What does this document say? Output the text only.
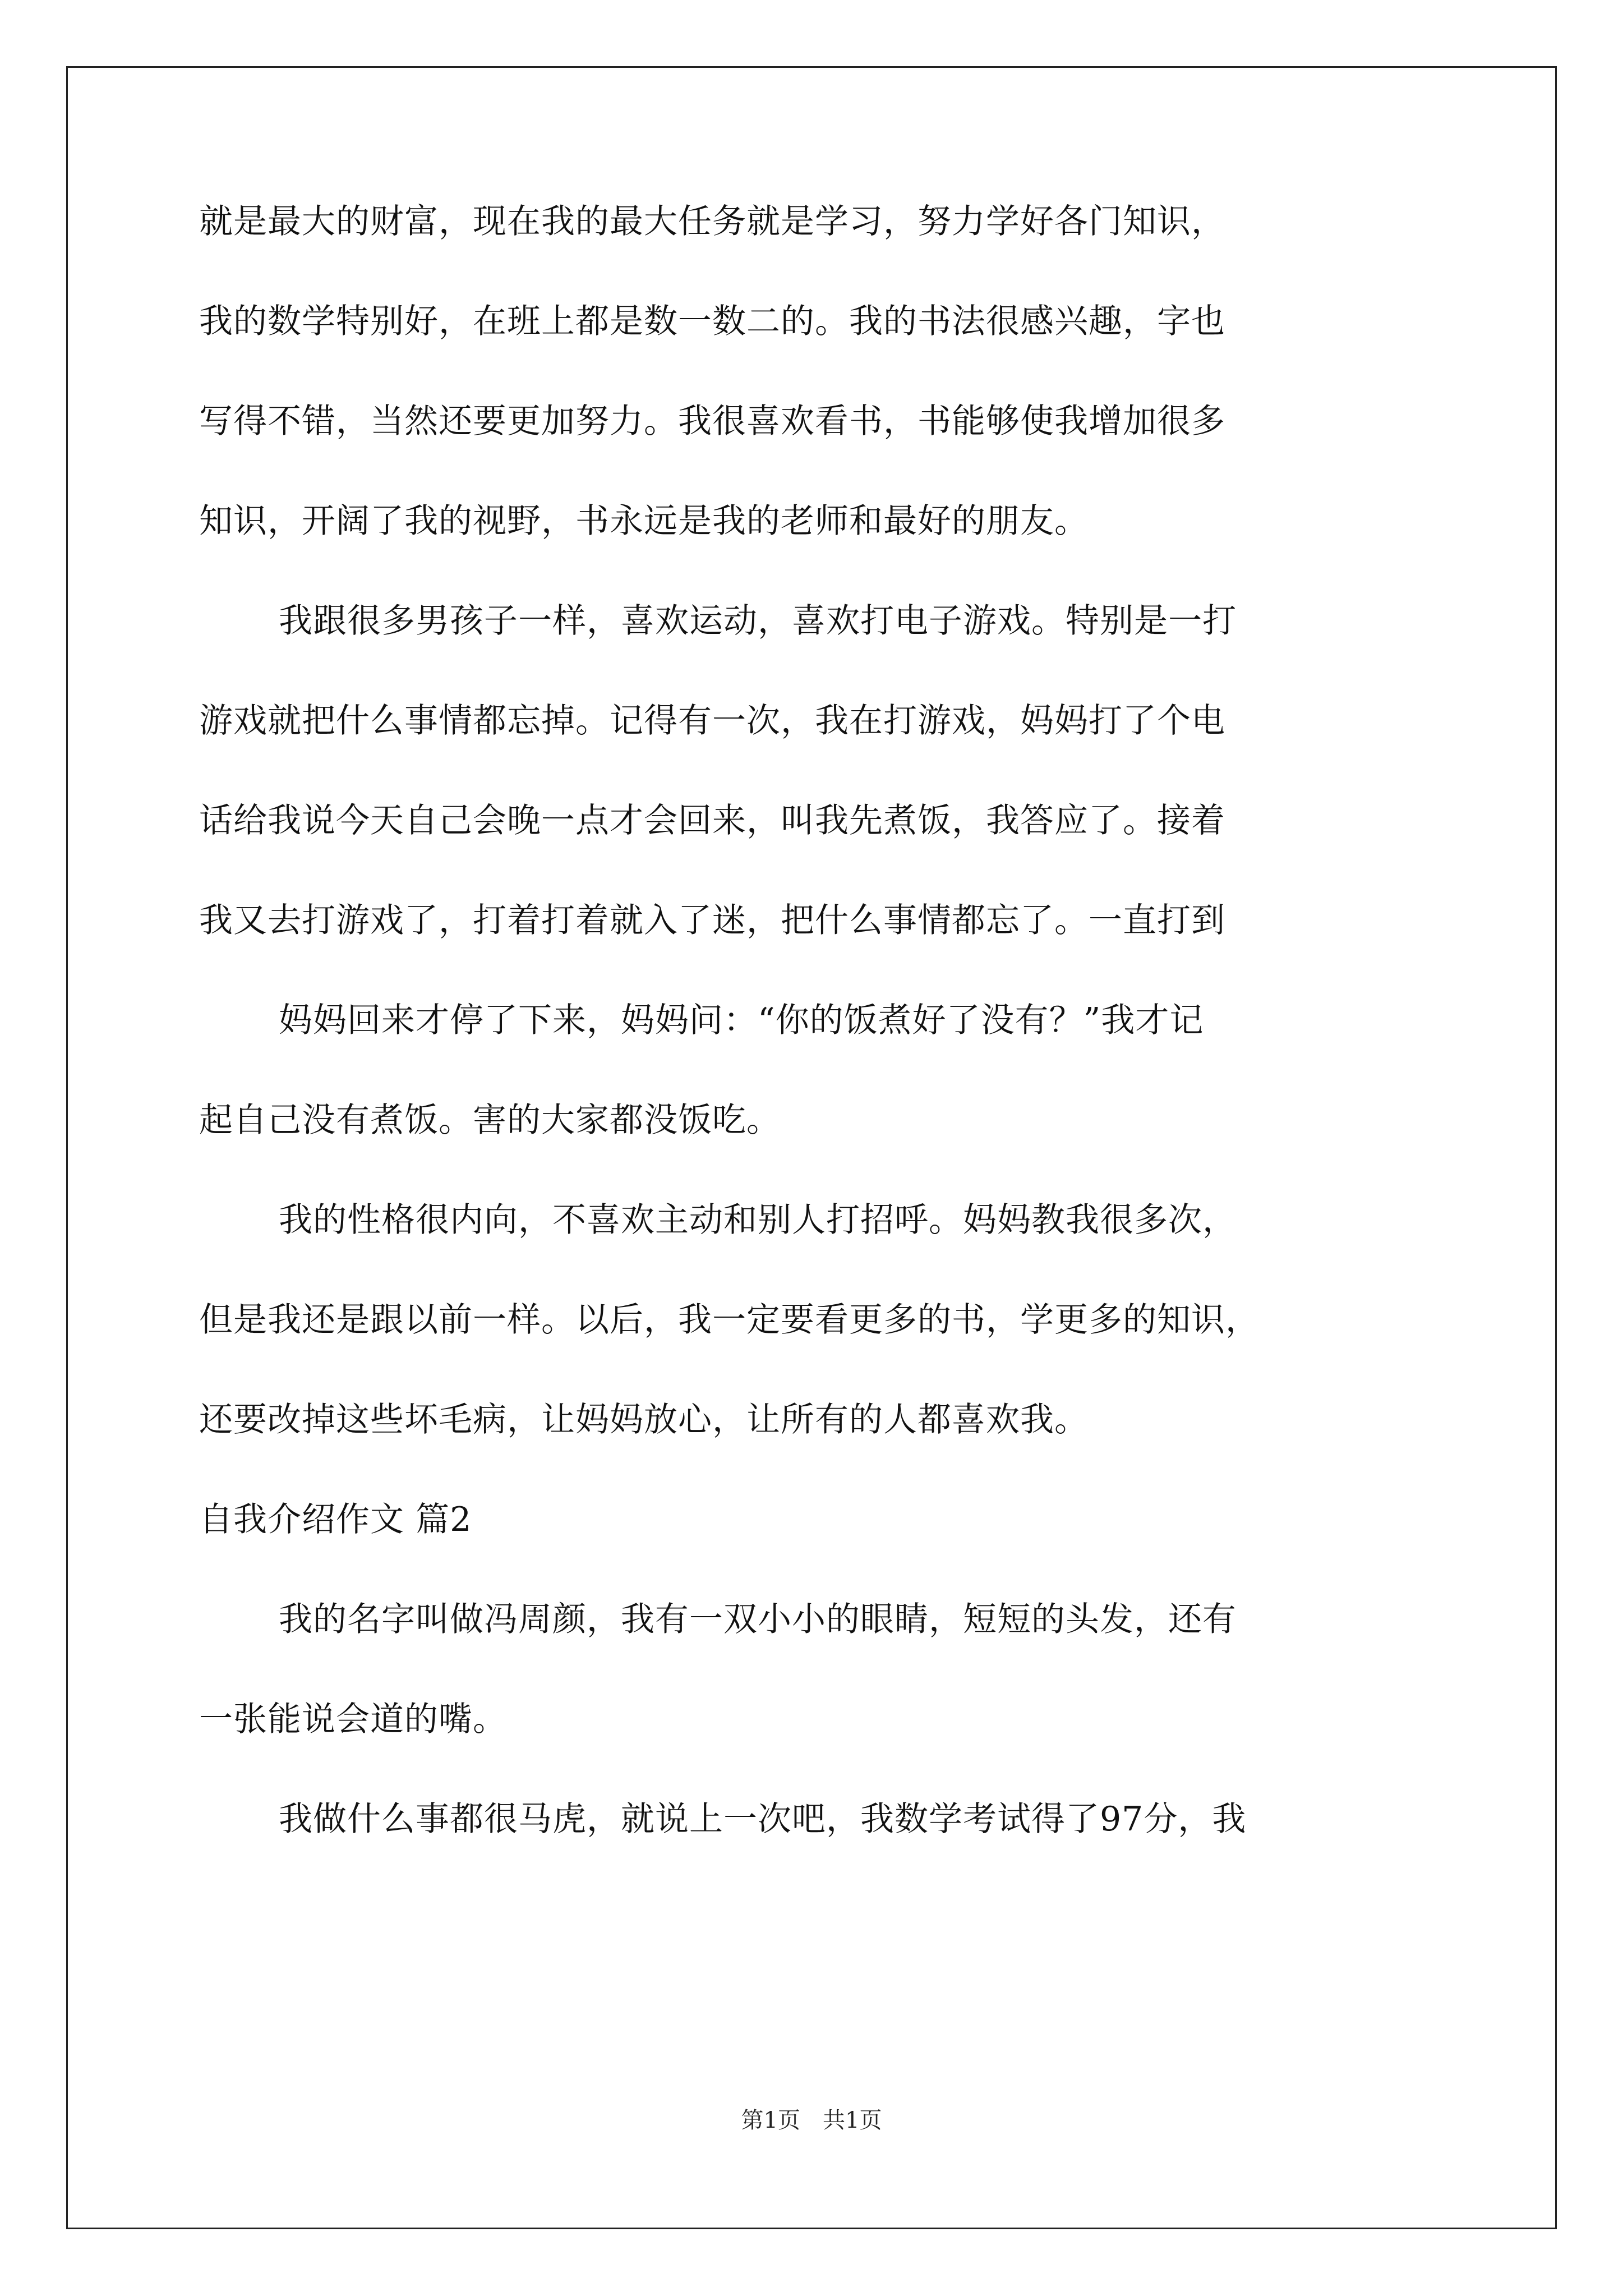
就是最大的财富，现在我的最大任务就是学习，努力学好各门知识，
我的数学特别好，在班上都是数一数二的。我的书法很感兴趣，字也
写得不错，当然还要更加努力。我很喜欢看书，书能够使我增加很多
知识，开阔了我的视野，书永远是我的老师和最好的朋友。
我跟很多男孩子一样，喜欢运动，喜欢打电子游戏。特别是一打
游戏就把什么事情都忘掉。记得有一次，我在打游戏，妈妈打了个电
话给我说今天自己会晚一点才会回来，叫我先煮饭，我答应了。接着
我又去打游戏了，打着打着就入了迷，把什么事情都忘了。一直打到
妈妈回来才停了下来，妈妈问：“你的饭煮好了没有？”我才记
起自己没有煮饭。害的大家都没饭吃。
我的性格很内向，不喜欢主动和别人打招呼。妈妈教我很多次，
但是我还是跟以前一样。以后，我一定要看更多的书，学更多的知识，
还要改掉这些坏毛病，让妈妈放心，让所有的人都喜欢我。
自我介绍作文 篇2
我的名字叫做冯周颜，我有一双小小的眼睛，短短的头发，还有
一张能说会道的嘴。
我做什么事都很马虎，就说上一次吧，我数学考试得了97分，我
第1页　共1页
